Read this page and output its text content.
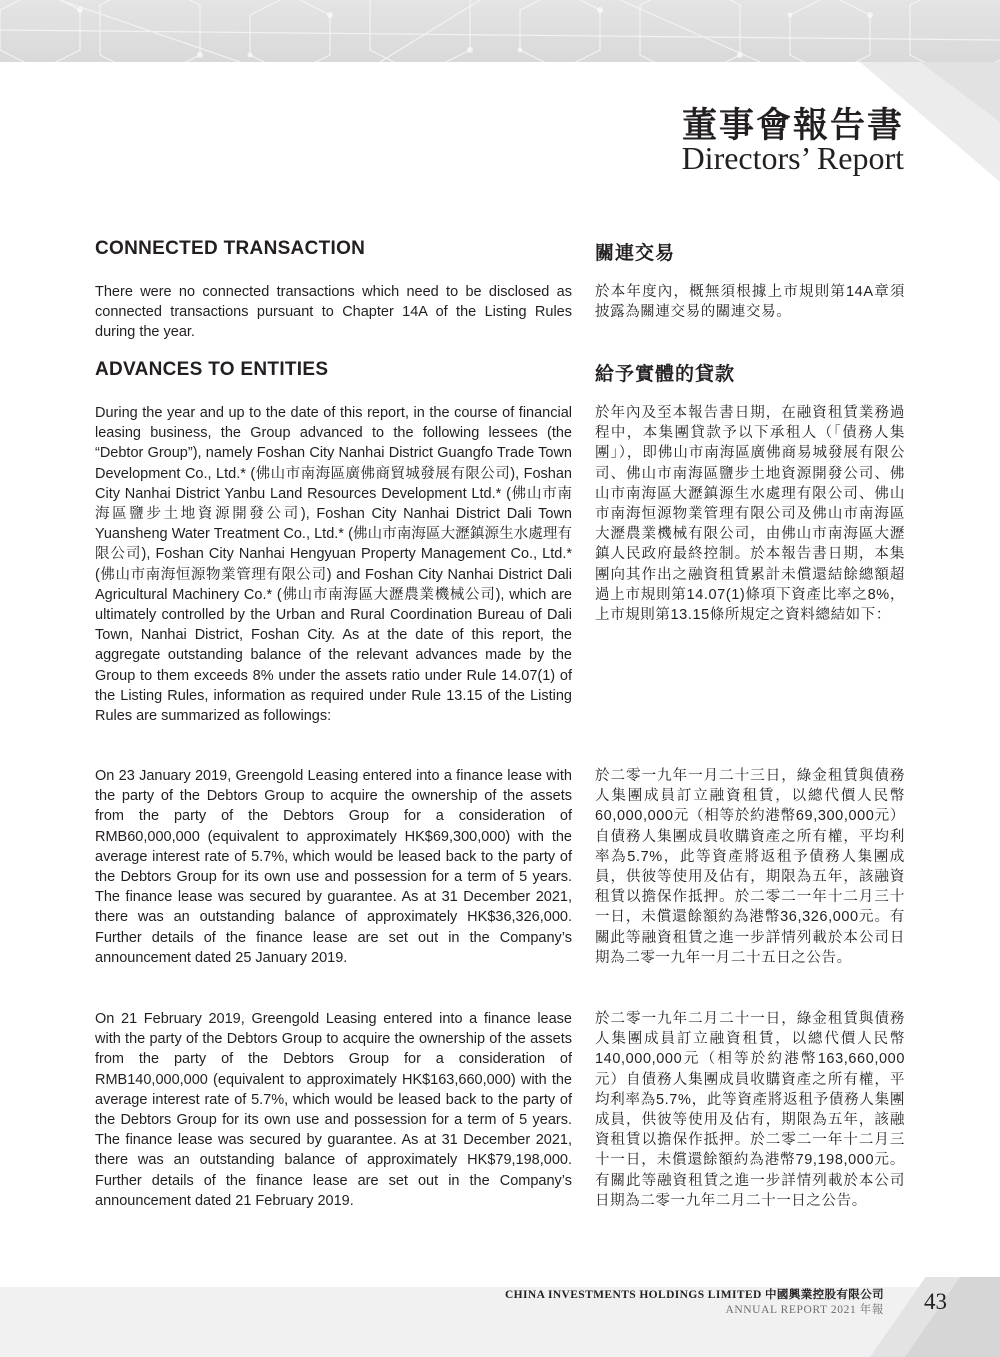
董事會報告書
Directors’ Report
CONNECTED TRANSACTION	關連交易

There were no connected transactions which need to be disclosed as connected transactions pursuant to Chapter 14A of the Listing Rules during the year.

於本年度內，概無須根據上市規則第14A章須披露為關連交易的關連交易。

ADVANCES TO ENTITIES	給予實體的貸款

During the year and up to the date of this report, in the course of financial leasing business, the Group advanced to the following lessees (the “Debtor Group”), namely Foshan City Nanhai District Guangfo Trade Town Development Co., Ltd.* (佛山市南海區廣佛商貿城發展有限公司), Foshan City Nanhai District Yanbu Land Resources Development Ltd.* (佛山市南海區鹽步土地資源開發公司), Foshan City Nanhai District Dali Town Yuansheng Water Treatment Co., Ltd.* (佛山市南海區大瀝鎮源生水處理有限公司), Foshan City Nanhai Hengyuan Property Management Co., Ltd.* (佛山市南海恒源物業管理有限公司) and Foshan City Nanhai District Dali Agricultural Machinery Co.* (佛山市南海區大瀝農業機械公司), which are ultimately controlled by the Urban and Rural Coordination Bureau of Dali Town, Nanhai District, Foshan City. As at the date of this report, the aggregate outstanding balance of the relevant advances made by the Group to them exceeds 8% under the assets ratio under Rule 14.07(1) of the Listing Rules, information as required under Rule 13.15 of the Listing Rules are summarized as followings:

於年內及至本報告書日期，在融資租賃業務過程中，本集團貸款予以下承租人（「債務人集團」），即佛山市南海區廣佛商易城發展有限公司、佛山市南海區鹽步土地資源開發公司、佛山市南海區大瀝鎮源生水處理有限公司、佛山市南海恒源物業管理有限公司及佛山市南海區大瀝農業機械有限公司，由佛山市南海區大瀝鎮人民政府最終控制。於本報告書日期，本集團向其作出之融資租賃累計未償還結餘總額超過上市規則第14.07(1)條項下資產比率之8%，上市規則第13.15條所規定之資料總結如下：

On 23 January 2019, Greengold Leasing entered into a finance lease with the party of the Debtors Group to acquire the ownership of the assets from the party of the Debtors Group for a consideration of RMB60,000,000 (equivalent to approximately HK$69,300,000) with the average interest rate of 5.7%, which would be leased back to the party of the Debtors Group for its own use and possession for a term of 5 years. The finance lease was secured by guarantee. As at 31 December 2021, there was an outstanding balance of approximately HK$36,326,000. Further details of the finance lease are set out in the Company’s announcement dated 25 January 2019.

於二零一九年一月二十三日，綠金租賃與債務人集團成員訂立融資租賃，以總代價人民幣60,000,000元（相等於約港幣69,300,000元）自債務人集團成員收購資產之所有權，平均利率為5.7%，此等資產將返租予債務人集團成員，供彼等使用及佔有，期限為五年，該融資租賃以擔保作抵押。於二零二一年十二月三十一日，未償還餘額約為港幣36,326,000元。有關此等融資租賃之進一步詳情列載於本公司日期為二零一九年一月二十五日之公告。

On 21 February 2019, Greengold Leasing entered into a finance lease with the party of the Debtors Group to acquire the ownership of the assets from the party of the Debtors Group for a consideration of RMB140,000,000 (equivalent to approximately HK$163,660,000) with the average interest rate of 5.7%, which would be leased back to the party of the Debtors Group for its own use and possession for a term of 5 years. The finance lease was secured by guarantee. As at 31 December 2021, there was an outstanding balance of approximately HK$79,198,000. Further details of the finance lease are set out in the Company’s announcement dated 21 February 2019.

於二零一九年二月二十一日，綠金租賃與債務人集團成員訂立融資租賃，以總代價人民幣140,000,000元（相等於約港幣163,660,000元）自債務人集團成員收購資產之所有權，平均利率為5.7%，此等資產將返租予債務人集團成員，供彼等使用及佔有，期限為五年，該融資租賃以擔保作抵押。於二零二一年十二月三十一日，未償還餘額約為港幣79,198,000元。有關此等融資租賃之進一步詳情列載於本公司日期為二零一九年二月二十一日之公告。

CHINA INVESTMENTS HOLDINGS LIMITED 中國興業控股有限公司
ANNUAL REPORT 2021 年報 43
